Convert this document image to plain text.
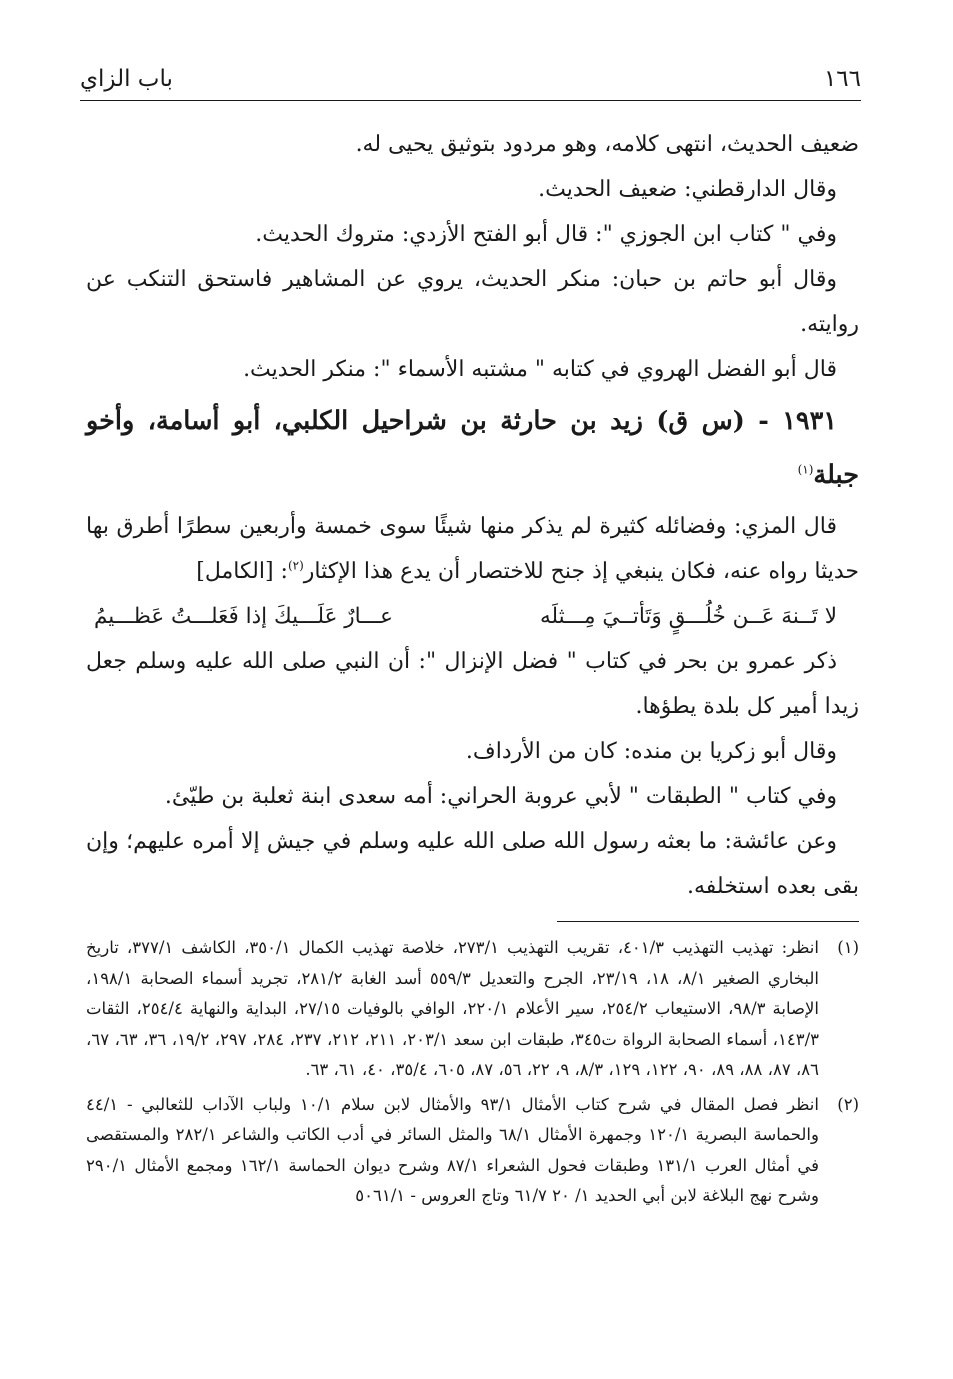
١٦٦
باب الزاي

ضعيف الحديث، انتهى كلامه، وهو مردود بتوثيق يحيى له.

وقال الدارقطني: ضعيف الحديث.

وفي " كتاب ابن الجوزي ": قال أبو الفتح الأزدي: متروك الحديث.

وقال أبو حاتم بن حبان: منكر الحديث، يروي عن المشاهير فاستحق التنكب عن روايته.

قال أبو الفضل الهروي في كتابه " مشتبه الأسماء ": منكر الحديث.

١٩٣١ - (س ق) زيد بن حارثة بن شراحيل الكلبي، أبو أسامة، وأخو جبلة$^{(١)}$

قال المزي: وفضائله كثيرة لم يذكر منها شيئًا سوى خمسة وأربعين سطرًا أطرق بها حديثا رواه عنه، فكان ينبغي إذ جنح للاختصار أن يدع هذا الإكثار$^{(٢)}$: [الكامل]

لا تَــنهَ عَــن خُلُـــقٍ وَتَأتــيَ مِـــثلَه
عـــارٌ عَلَـــيكَ إذا فَعَلـــتُ عَظـــيمُ

ذكر عمرو بن بحر في كتاب " فضل الإنزال ": أن النبي صلى الله عليه وسلم جعل زيدا أمير كل بلدة يطؤها.

وقال أبو زكريا بن منده: كان من الأرداف.

وفي كتاب " الطبقات " لأبي عروبة الحراني: أمه سعدى ابنة ثعلبة بن طيّئ.

وعن عائشة: ما بعثه رسول الله صلى الله عليه وسلم في جيش إلا أمره عليهم؛ وإن بقى بعده استخلفه.

(١)
انظر: تهذيب التهذيب ٤٠١/٣، تقريب التهذيب ٢٧٣/١، خلاصة تهذيب الكمال ٣٥٠/١، الكاشف ٣٧٧/١، تاريخ البخاري الصغير ٨/١، ١٨، ٢٣/١٩، الجرح والتعديل ٥٥٩/٣ أسد الغابة ٢٨١/٢، تجريد أسماء الصحابة ١٩٨/١، الإصابة ٩٨/٣، الاستيعاب ٢٥٤/٢، سير الأعلام ٢٢٠/١، الوافي بالوفيات ٢٧/١٥، البداية والنهاية ٢٥٤/٤، الثقات ١٤٣/٣، أسماء الصحابة الرواة ت٣٤٥، طبقات ابن سعد ٢٠٣/١، ٢١١، ٢١٢، ٢٣٧، ٢٨٤، ٢٩٧، ١٩/٢، ٣٦، ٦٣، ٦٧، ٨٦، ٨٧، ٨٨، ٨٩، ٩٠، ١٢٢، ١٢٩، ٨/٣، ٩، ٢٢، ٥٦، ٨٧، ٦٠٥، ٣٥/٤، ٤٠، ٦١، ٦٣.
(٢)
انظر فصل المقال في شرح كتاب الأمثال ٩٣/١ والأمثال لابن سلام ١٠/١ ولباب الآداب للثعالبي - ٤٤/١ والحماسة البصرية ١٢٠/١ وجمهرة الأمثال ٦٨/١ والمثل السائر في أدب الكاتب والشاعر ٢٨٢/١ والمستقصى في أمثال العرب ١٣١/١ وطبقات فحول الشعراء ٨٧/١ وشرح ديوان الحماسة ١٦٢/١ ومجمع الأمثال ٢٩٠/١ وشرح نهج البلاغة لابن أبي الحديد ١/ ٢٠ ٦١/٧ وتاج العروس - ٥٠٦١/١
